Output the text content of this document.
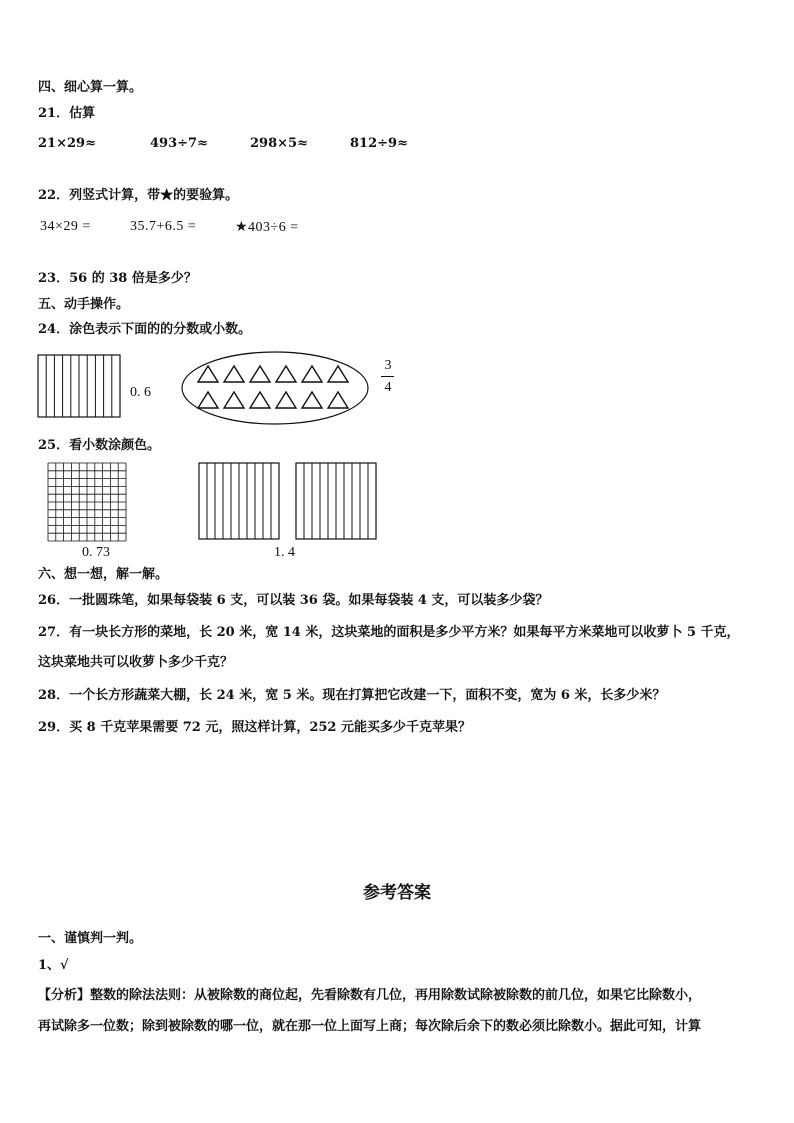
四、细心算一算。
21．估算
21×29≈	493÷7≈	298×5≈	812÷9≈
22．列竖式计算，带★的要验算。
34×29 =	35.7+6.5 =	★403÷6 =
23．56 的 38 倍是多少？
五、动手操作。
24．涂色表示下面的的分数或小数。
0. 6
3
4
25．看小数涂颜色。
0. 73	1. 4
六、想一想，解一解。
26．一批圆珠笔，如果每袋装 6 支，可以装 36 袋。如果每袋装 4 支，可以装多少袋？
27．有一块长方形的菜地，长 20 米，宽 14 米，这块菜地的面积是多少平方米？如果每平方米菜地可以收萝卜 5 千克，
这块菜地共可以收萝卜多少千克？
28．一个长方形蔬菜大棚，长 24 米，宽 5 米。现在打算把它改建一下，面积不变，宽为 6 米，长多少米？
29．买 8 千克苹果需要 72 元，照这样计算，252 元能买多少千克苹果？
参考答案
一、谨慎判一判。
1、√
【分析】整数的除法法则：从被除数的商位起，先看除数有几位，再用除数试除被除数的前几位，如果它比除数小，
再试除多一位数；除到被除数的哪一位，就在那一位上面写上商；每次除后余下的数必须比除数小。据此可知，计算
